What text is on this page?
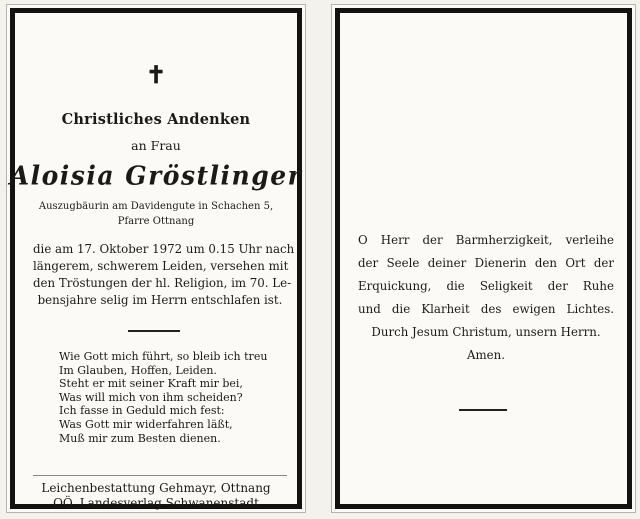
✝
Christliches Andenken
an Frau
Aloisia Gröstlinger
Auszugbäurin am Davidengute in Schachen 5,
Pfarre Ottnang
die am 17. Oktober 1972 um 0.15 Uhr nach
längerem, schwerem Leiden, versehen mit
den Tröstungen der hl. Religion, im 70. Le-
bensjahre selig im Herrn entschlafen ist.
Wie Gott mich führt, so bleib ich treu
Im Glauben, Hoffen, Leiden.
Steht er mit seiner Kraft mir bei,
Was will mich von ihm scheiden?
Ich fasse in Geduld mich fest:
Was Gott mir widerfahren läßt,
Muß mir zum Besten dienen.
Leichenbestattung Gehmayr, Ottnang
OÖ. Landesverlag Schwanenstadt
O Herr der Barmherzigkeit, verleihe
der Seele deiner Dienerin den Ort der
Erquickung, die Seligkeit der Ruhe
und die Klarheit des ewigen Lichtes.
Durch Jesum Christum, unsern Herrn.
Amen.
